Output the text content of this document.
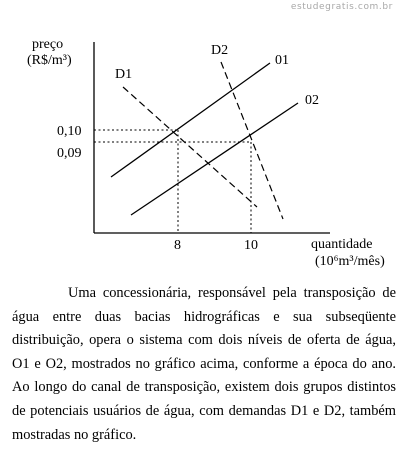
estudegratis.com.br
preço
(R$/m³)
quantidade
(10⁶m³/mês)
0,10
0,09
8	10
01
02
D1
D2

Uma concessionária, responsável pela transposição de
água entre duas bacias hidrográficas e sua subseqüente
distribuição, opera o sistema com dois níveis de oferta de água,
O1 e O2, mostrados no gráfico acima, conforme a época do ano.
Ao longo do canal de transposição, existem dois grupos distintos
de potenciais usuários de água, com demandas D1 e D2, também
mostradas no gráfico.
